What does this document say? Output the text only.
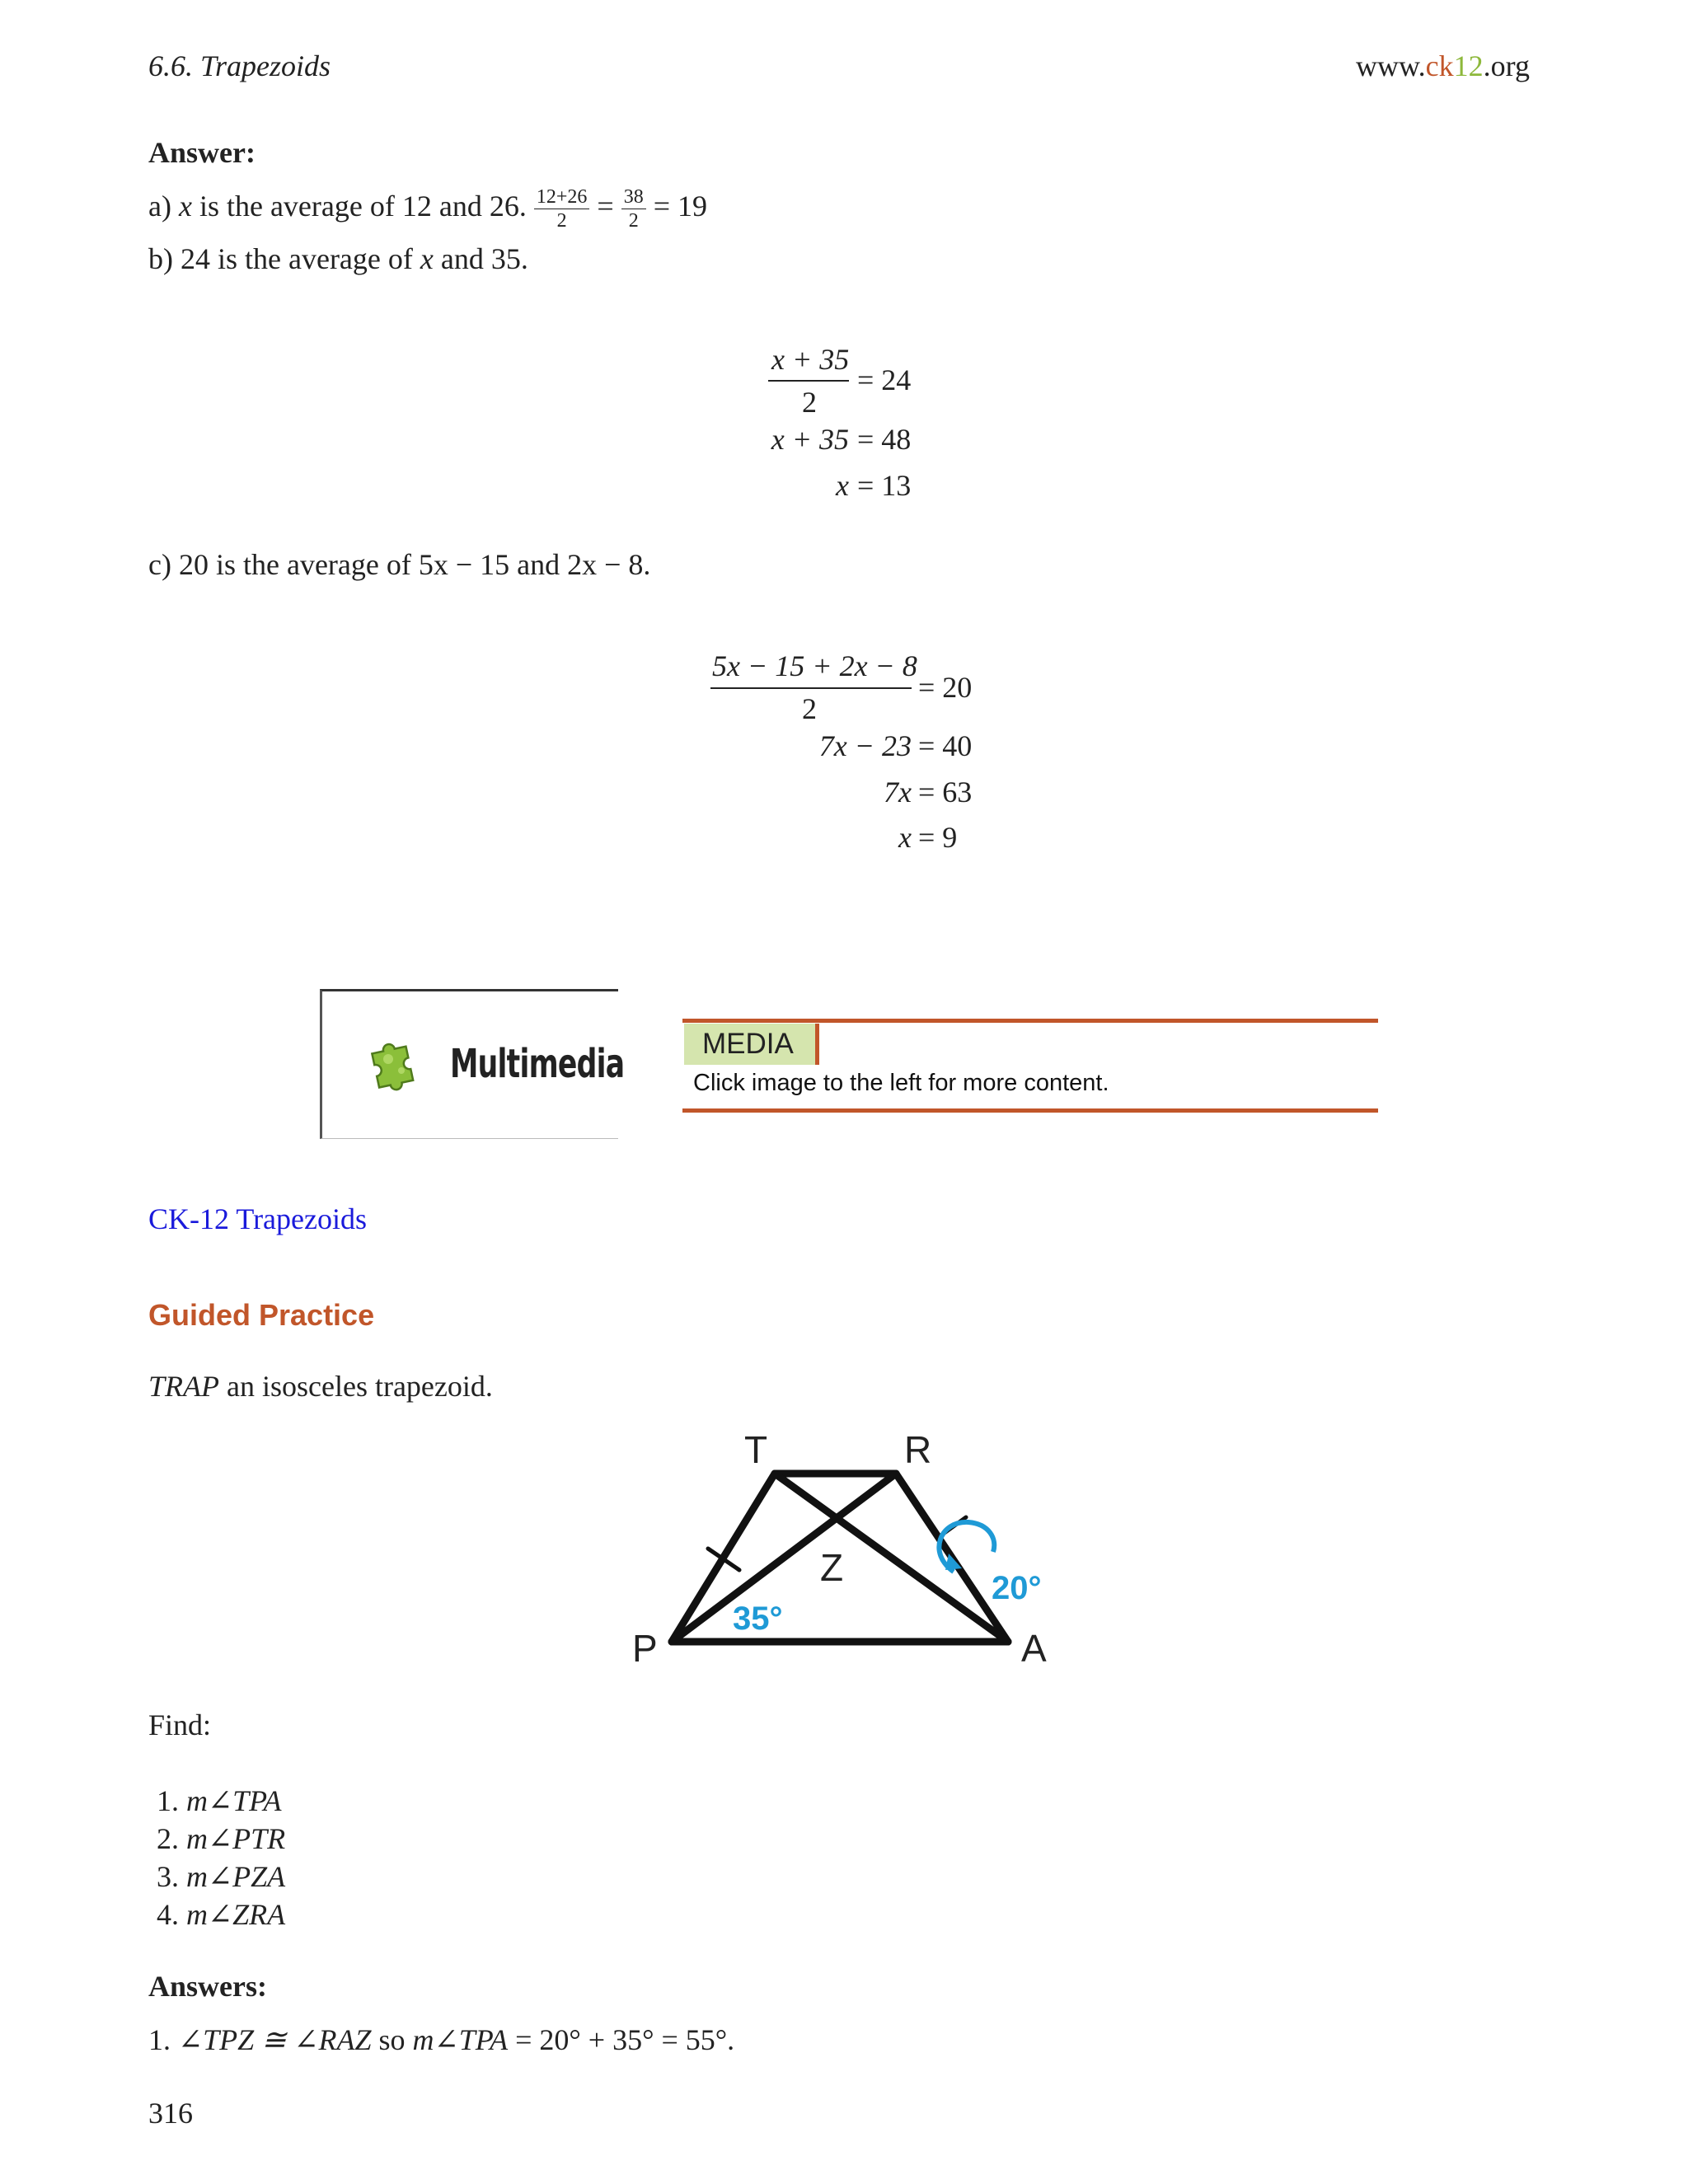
6.6. Trapezoids	www.ck12.org
Answer:
a) x is the average of 12 and 26. $\frac{12+26}{2} = \frac{38}{2} = 19$
b) 24 is the average of x and 35.
x + 35
2
= 24
x + 35 = 48
x = 13
c) 20 is the average of 5x − 15 and 2x − 8.
5x − 15 + 2x − 8
2
= 20
7x − 23 = 40
7x = 63
x = 9
Multimedia	MEDIA
Click image to the left for more content.
CK-12 Trapezoids
Guided Practice
TRAP an isosceles trapezoid.
T	R
Z
P	A
35°
20°
Find:
1. m∠TPA
2. m∠PTR
3. m∠PZA
4. m∠ZRA
Answers:
1. ∠TPZ ≅ ∠RAZ so m∠TPA = 20° + 35° = 55°.
316
